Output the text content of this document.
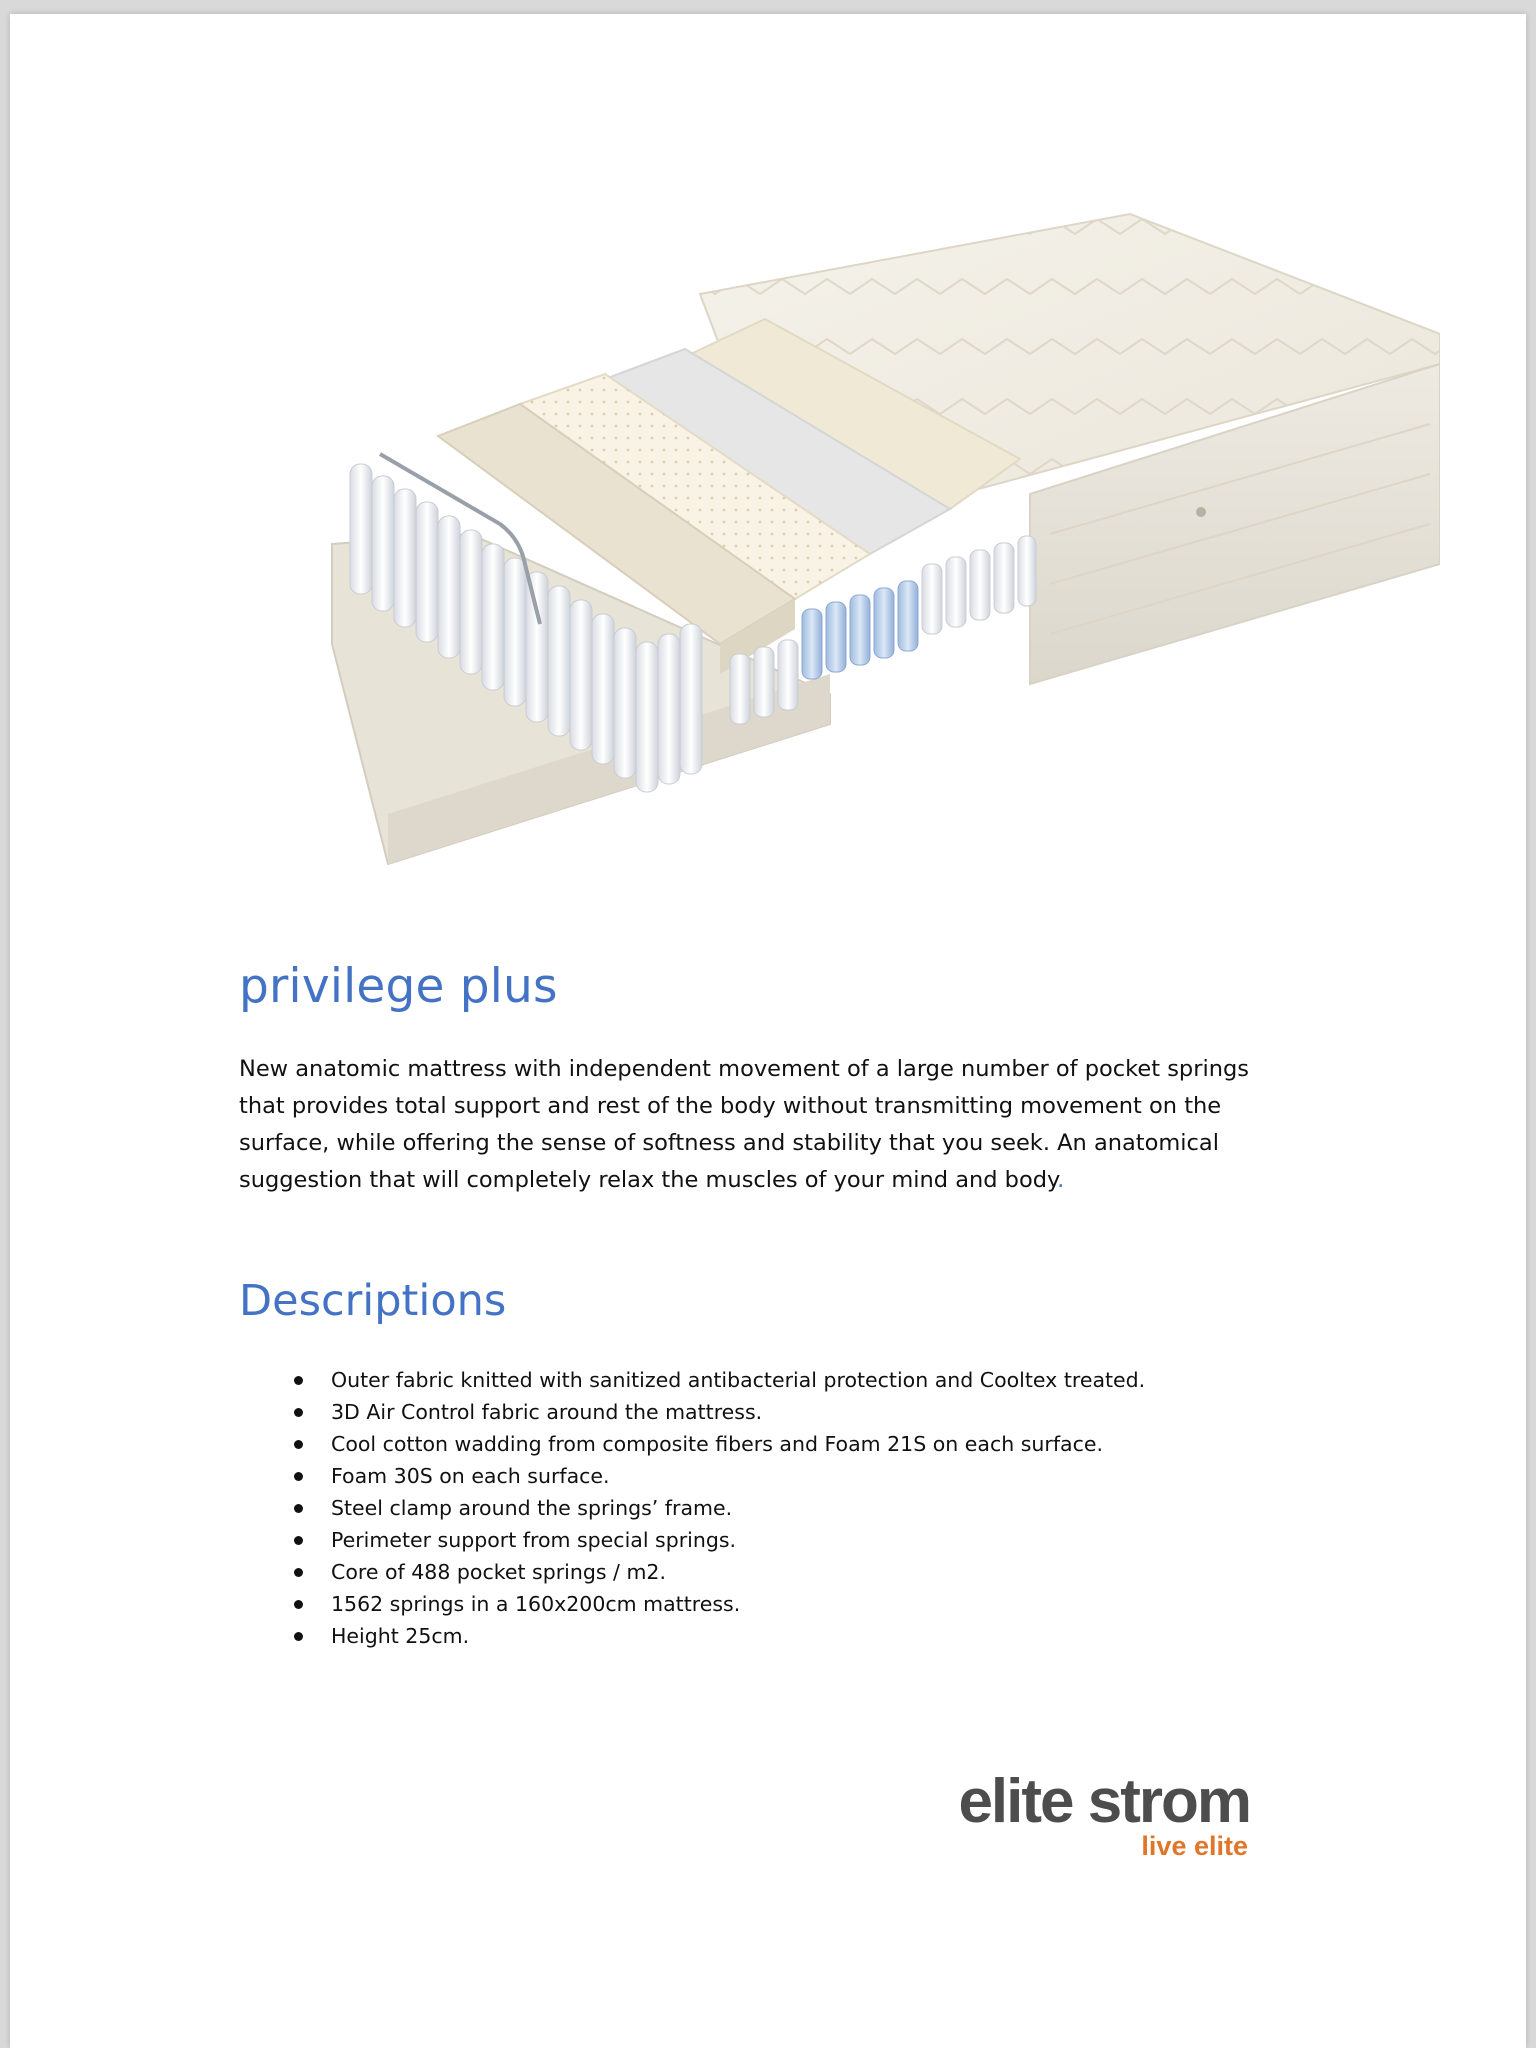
privilege plus

New anatomic mattress with independent movement of a large number of pocket springs that provides total support and rest of the body without transmitting movement on the surface, while offering the sense of softness and stability that you seek. An anatomical suggestion that will completely relax the muscles of your mind and body.

Descriptions
Outer fabric knitted with sanitized antibacterial protection and Cooltex treated.
3D Air Control fabric around the mattress.
Cool cotton wadding from composite fibers and Foam 21S on each surface.
Foam 30S on each surface.
Steel clamp around the springs’ frame.
Perimeter support from special springs.
Core of 488 pocket springs / m2.
1562 springs in a 160x200cm mattress.
Height 25cm.
elite strom
live elite
